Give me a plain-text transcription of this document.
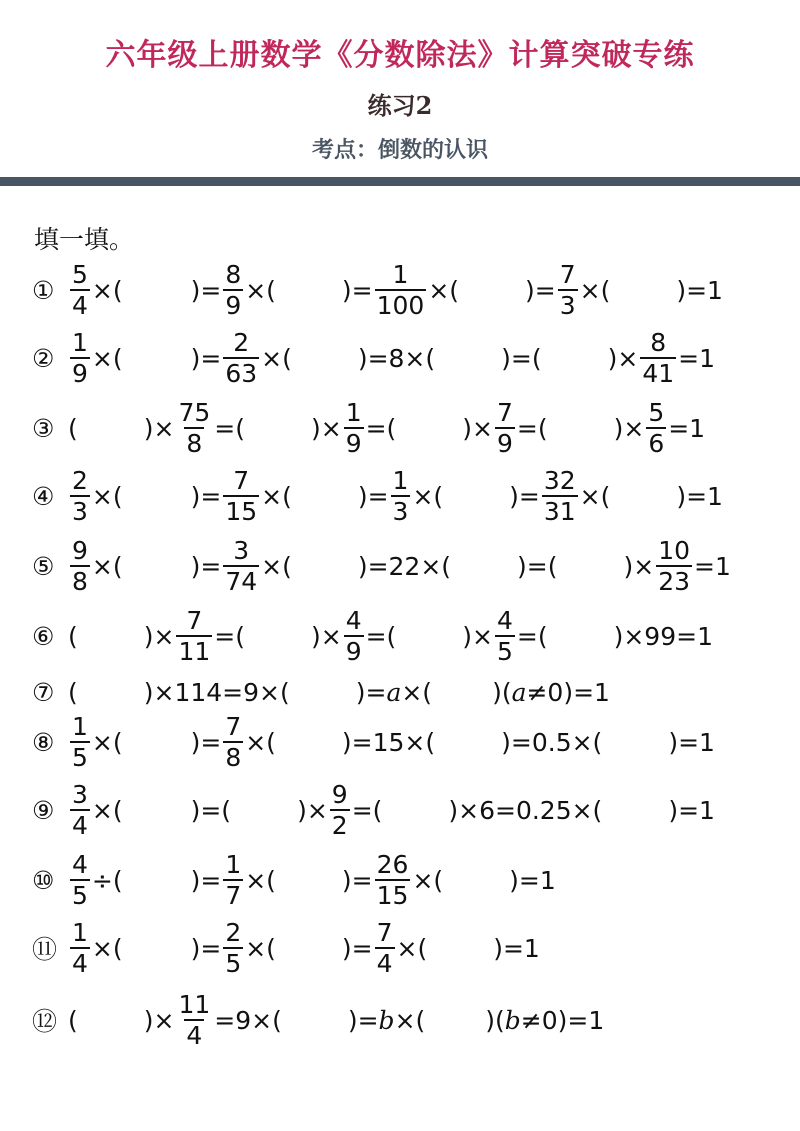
六年级上册数学《分数除法》计算突破专练
练习2
考点：倒数的认识
填一填。
① $\frac{5}{4}$ ×(
	)= $\frac{8}{9}$ ×(
	)= $\frac{1}{100}$ ×(
	)= $\frac{7}{3}$ ×(
	)=1
② $\frac{1}{9}$ ×(
	)= $\frac{2}{63}$ ×(
	)=8×(
	)=(
	)× $\frac{8}{41} =1$
③ (
	)× $\frac{75}{8}$ =(
	)× $\frac{1}{9}$ =(
	)× $\frac{7}{9}$ =(
	)× $\frac{5}{6} =1$
④ $\frac{2}{3}$ ×(
	)= $\frac{7}{15}$ ×(
	)= $\frac{1}{3}$ ×(
	)= $\frac{32}{31}$ ×(
	)=1
⑤ $\frac{9}{8}$ ×(
	)= $\frac{3}{74}$ ×(
	)=22×(
	)=(
	)× $\frac{10}{23} =1$
⑥ (
	)× $\frac{7}{11}$ =(
	)× $\frac{4}{9}$ =(
	)× $\frac{4}{5}$ =(
	)×99=1
⑦ (
	)×114=9×(
	)= a ×(
)( a ≠0)=1
⑧ $\frac{1}{5}$ ×(
	)= $\frac{7}{8}$ ×(
	)=15×(
	)=0.5×(
	)=1
⑨ $\frac{3}{4}$ ×(
	)=(
	)× $\frac{9}{2}$ =(
	)×6=0.25×(
	)=1
⑩ $\frac{4}{5}$ ÷(
	)= $\frac{1}{7}$ ×(
	)= $\frac{26}{15}$ ×(
	)=1
⑪ $\frac{1}{4}$ ×(
	)= $\frac{2}{5}$ ×(
	)= $\frac{7}{4}$ ×(
	)=1
⑫ (
	)× $\frac{11}{4} =9\times$(
	)= b ×(
)( b ≠0)=1
